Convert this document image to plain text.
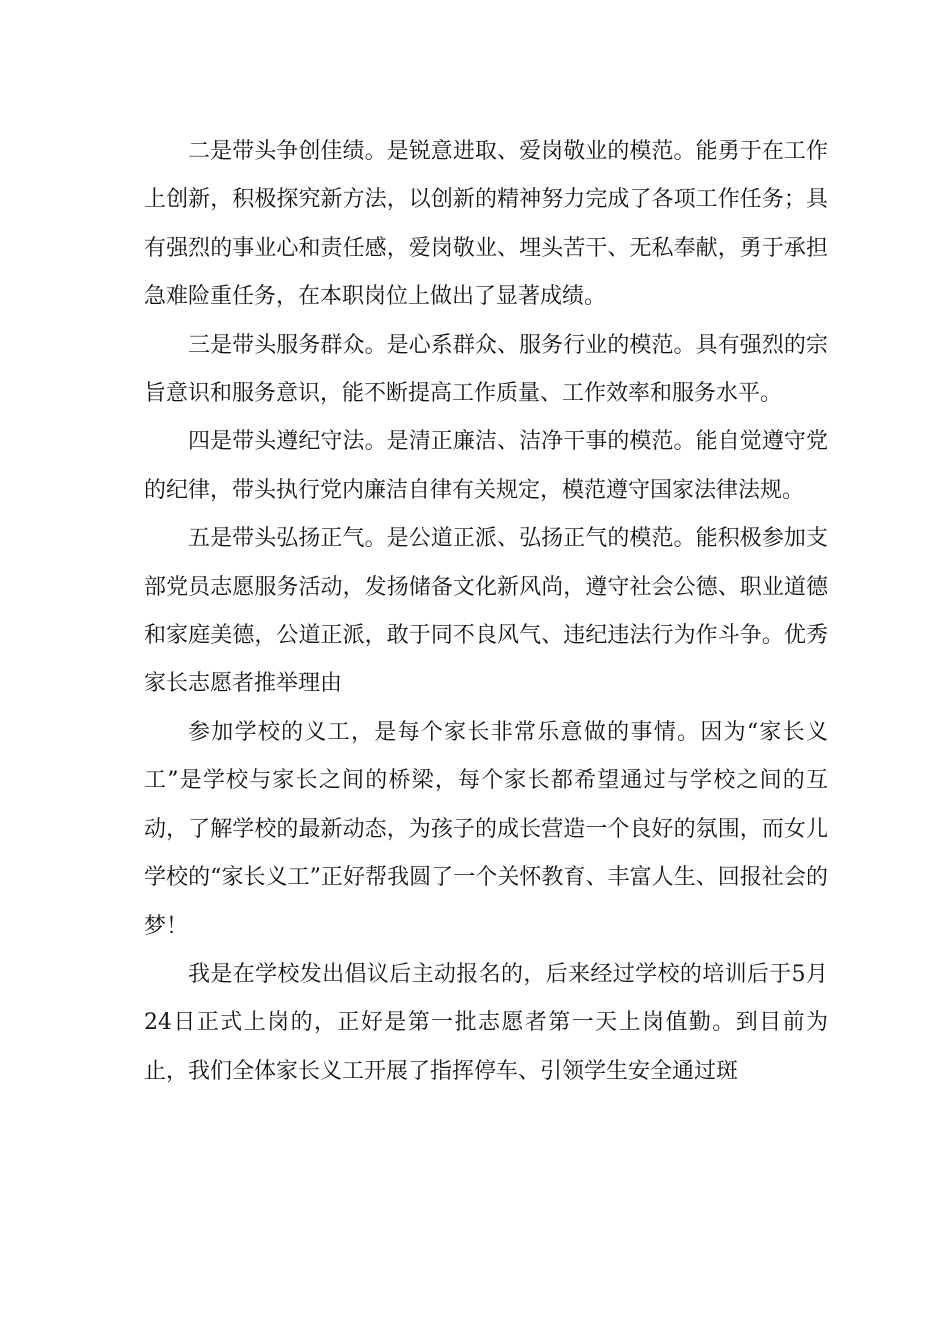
二是带头争创佳绩。是锐意进取、爱岗敬业的模范。能勇于在工作上创新，积极探究新方法，以创新的精神努力完成了各项工作任务；具有强烈的事业心和责任感，爱岗敬业、埋头苦干、无私奉献，勇于承担急难险重任务，在本职岗位上做出了显著成绩。

三是带头服务群众。是心系群众、服务行业的模范。具有强烈的宗旨意识和服务意识，能不断提高工作质量、工作效率和服务水平。

四是带头遵纪守法。是清正廉洁、洁净干事的模范。能自觉遵守党的纪律，带头执行党内廉洁自律有关规定，模范遵守国家法律法规。

五是带头弘扬正气。是公道正派、弘扬正气的模范。能积极参加支部党员志愿服务活动，发扬储备文化新风尚，遵守社会公德、职业道德和家庭美德，公道正派，敢于同不良风气、违纪违法行为作斗争。优秀家长志愿者推举理由

参加学校的义工，是每个家长非常乐意做的事情。因为“家长义工”是学校与家长之间的桥梁，每个家长都希望通过与学校之间的互动，了解学校的最新动态，为孩子的成长营造一个良好的氛围，而女儿学校的“家长义工”正好帮我圆了一个关怀教育、丰富人生、回报社会的梦！

我是在学校发出倡议后主动报名的，后来经过学校的培训后于5月24日正式上岗的，正好是第一批志愿者第一天上岗值勤。到目前为止，我们全体家长义工开展了指挥停车、引领学生安全通过斑
